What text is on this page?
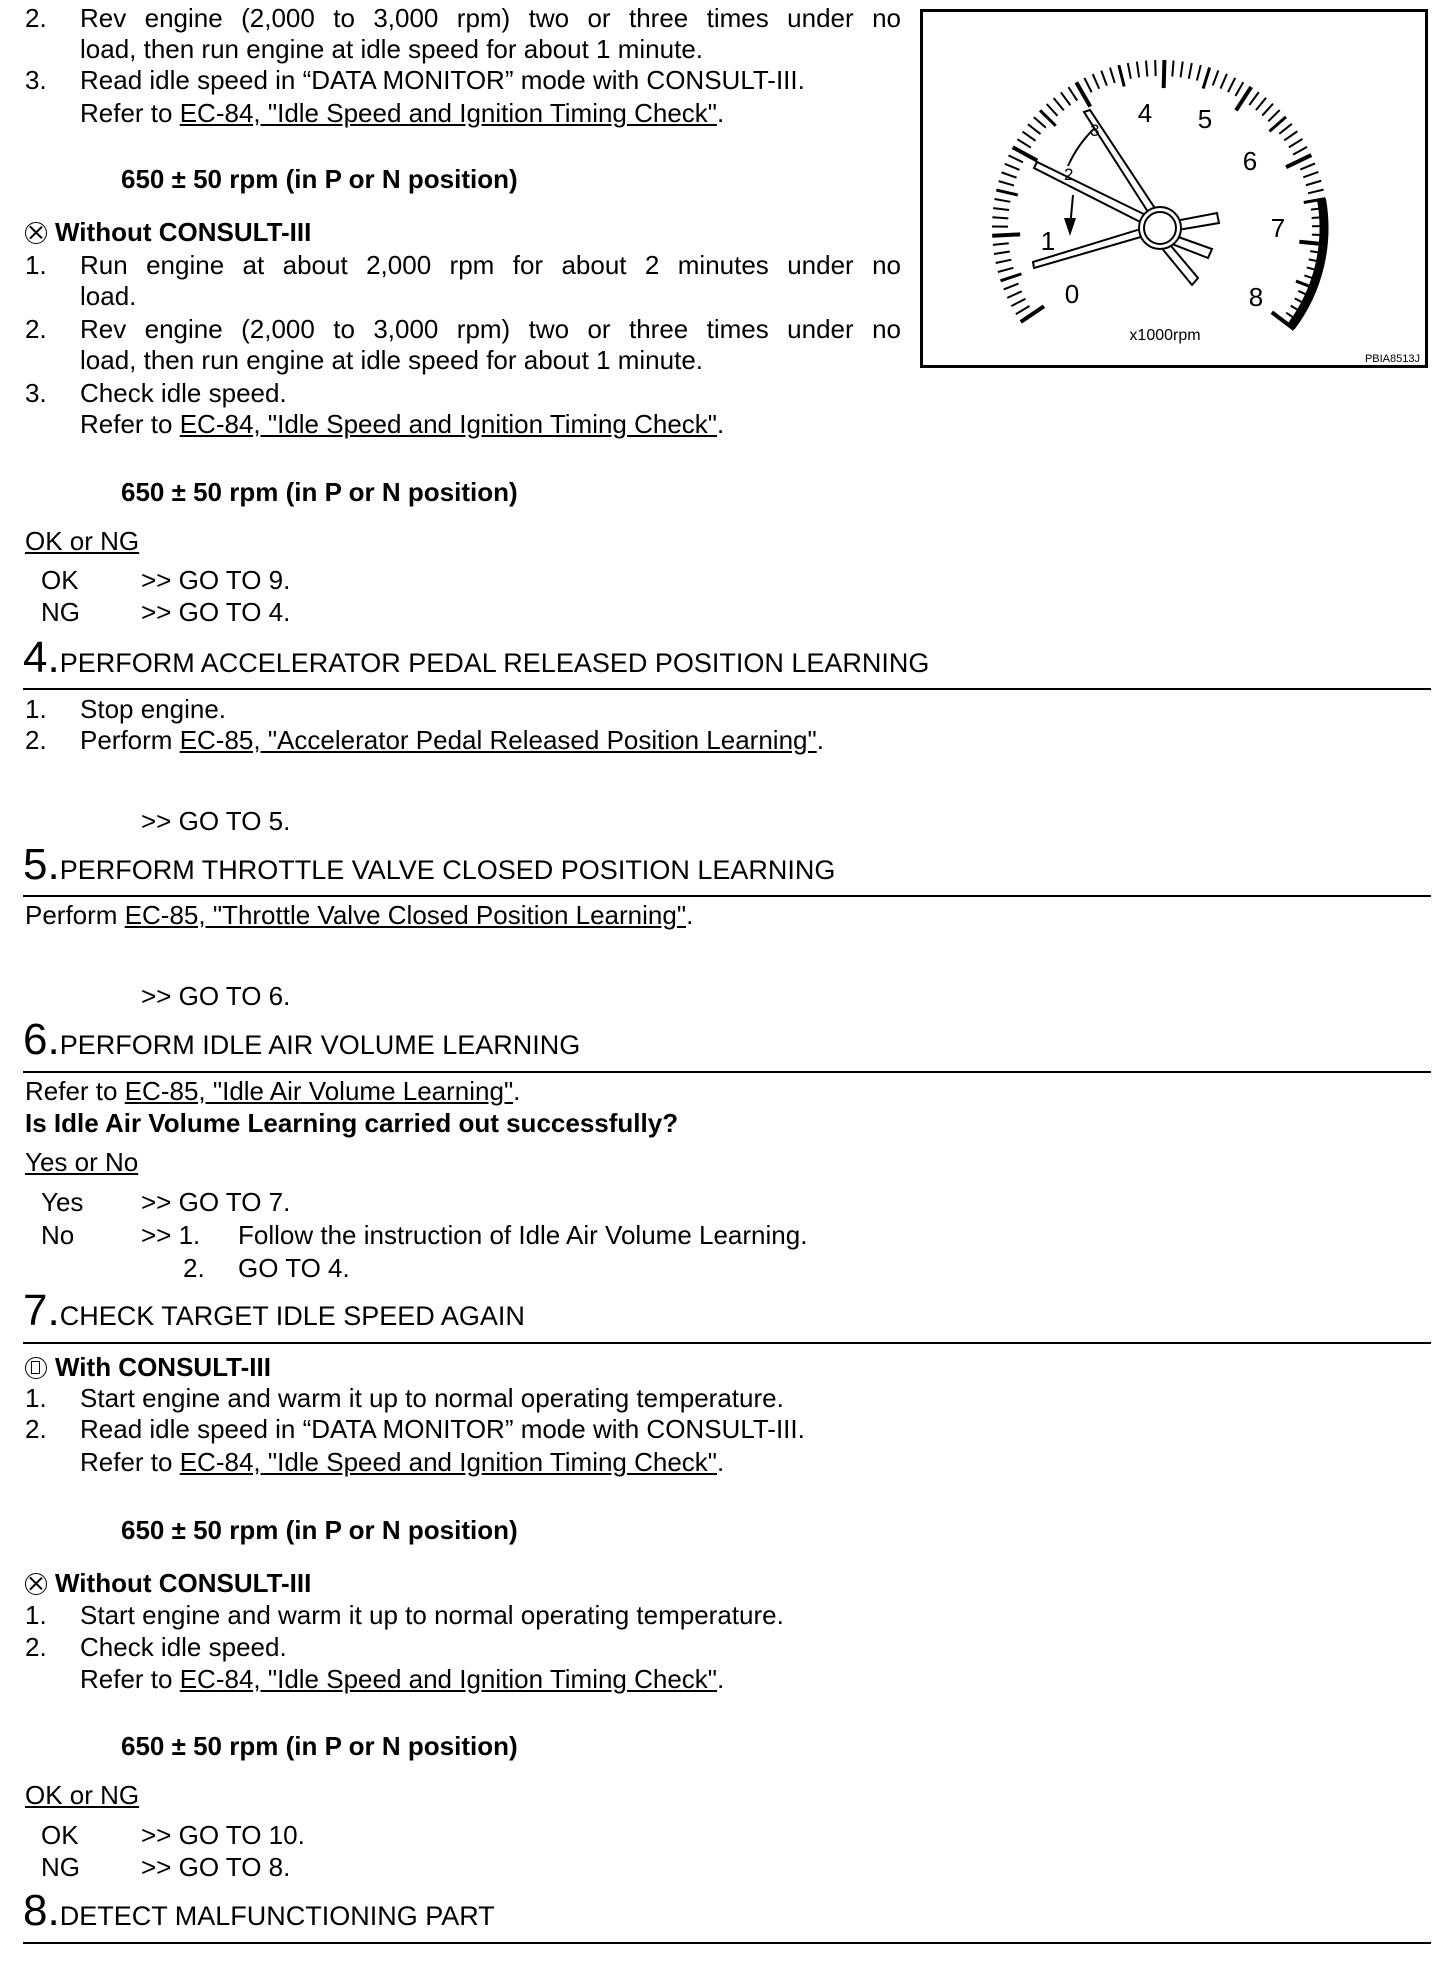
2. Rev engine (2,000 to 3,000 rpm) two or three times under no
load, then run engine at idle speed for about 1 minute.
3. Read idle speed in “DATA MONITOR” mode with CONSULT-III.
Refer to EC-84, "Idle Speed and Ignition Timing Check".
650 ± 50 rpm (in P or N position)
Without CONSULT-III
1. Run engine at about 2,000 rpm for about 2 minutes under no
load.
2. Rev engine (2,000 to 3,000 rpm) two or three times under no
load, then run engine at idle speed for about 1 minute.
3. Check idle speed.
Refer to EC-84, "Idle Speed and Ignition Timing Check".
650 ± 50 rpm (in P or N position)
OK or NG
OK >> GO TO 9.
NG >> GO TO 4.
2
3
0
1
4 5
6
7
8
x1000rpm
PBIA8513J
4.PERFORM ACCELERATOR PEDAL RELEASED POSITION LEARNING
1. Stop engine.
2. Perform EC-85, "Accelerator Pedal Released Position Learning".
>> GO TO 5.
5.PERFORM THROTTLE VALVE CLOSED POSITION LEARNING
Perform EC-85, "Throttle Valve Closed Position Learning".
>> GO TO 6.
6.PERFORM IDLE AIR VOLUME LEARNING
Refer to EC-85, "Idle Air Volume Learning".
Is Idle Air Volume Learning carried out successfully?
Yes or No
Yes >> GO TO 7.
No	>> 1. Follow the instruction of Idle Air Volume Learning.
2. GO TO 4.
7.CHECK TARGET IDLE SPEED AGAIN
With CONSULT-III
1. Start engine and warm it up to normal operating temperature.
2. Read idle speed in “DATA MONITOR” mode with CONSULT-III.
Refer to EC-84, "Idle Speed and Ignition Timing Check".
650 ± 50 rpm (in P or N position)
Without CONSULT-III
1. Start engine and warm it up to normal operating temperature.
2. Check idle speed.
Refer to EC-84, "Idle Speed and Ignition Timing Check".
650 ± 50 rpm (in P or N position)
OK or NG
OK >> GO TO 10.
NG >> GO TO 8.
8.DETECT MALFUNCTIONING PART
